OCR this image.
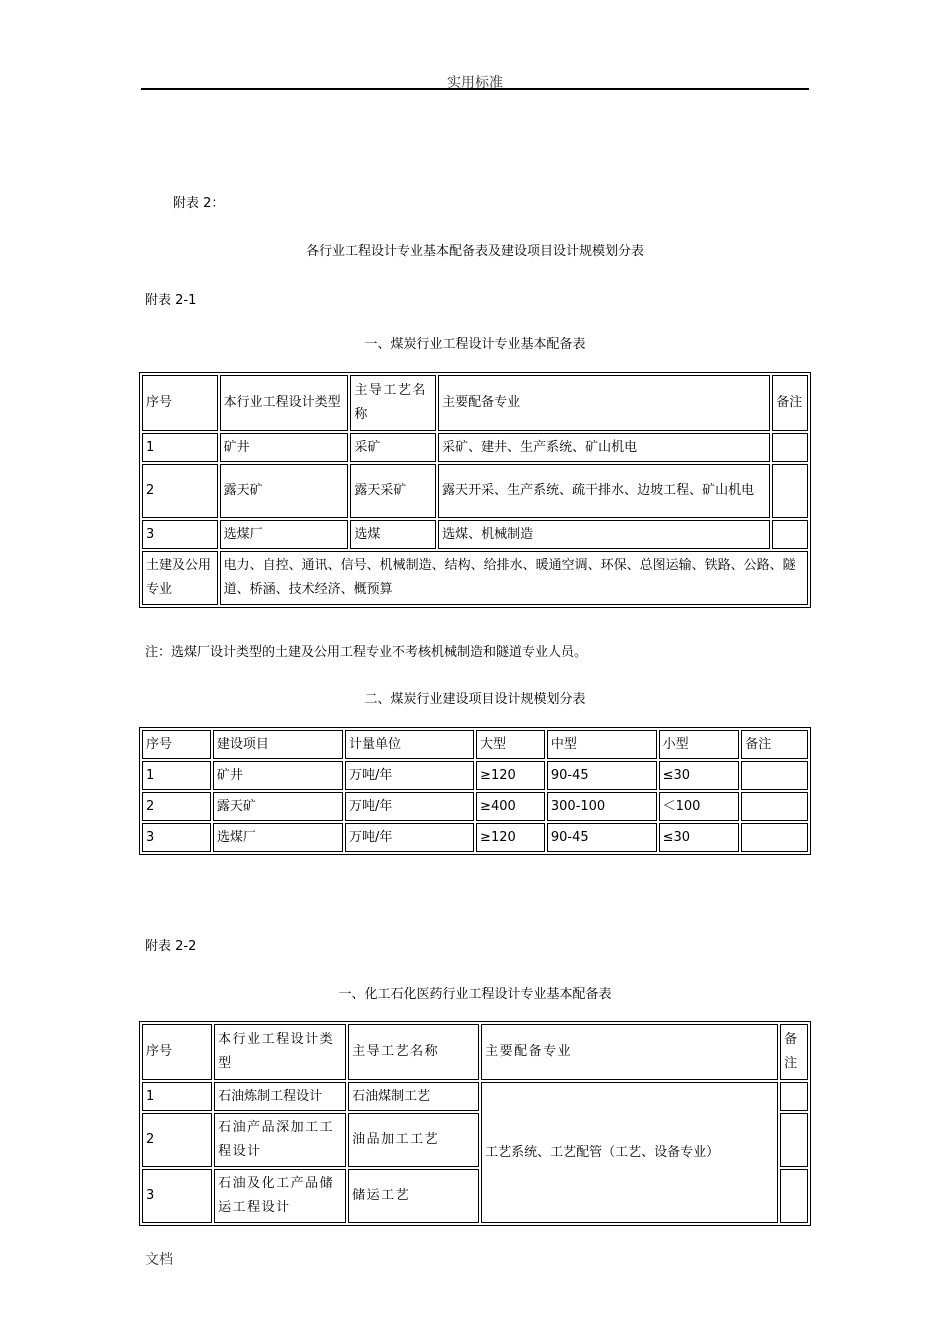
实用标准
附表 2：
各行业工程设计专业基本配备表及建设项目设计规模划分表
附表 2-1
一、煤炭行业工程设计专业基本配备表
序号	本行业工程设计类型	主导工艺名称	主要配备专业	备注
1	矿井	采矿	采矿、建井、生产系统、矿山机电	
2	露天矿	露天采矿	露天开采、生产系统、疏干排水、边坡工程、矿山机电	
3	选煤厂	选煤	选煤、机械制造	
土建及公用专业	电力、自控、通讯、信号、机械制造、结构、给排水、暖通空调、环保、总图运输、铁路、公路、隧道、桥涵、技术经济、概预算			
注：选煤厂设计类型的土建及公用工程专业不考核机械制造和隧道专业人员。
二、煤炭行业建设项目设计规模划分表
序号	建设项目	计量单位	大型	中型	小型	备注
1	矿井	万吨/年	≥120	90-45	≤30	
2	露天矿	万吨/年	≥400	300-100	＜100	
3	选煤厂	万吨/年	≥120	90-45	≤30	
附表 2-2
一、化工石化医药行业工程设计专业基本配备表
序号	本行业工程设计类型	主导工艺名称	主要配备专业	备注
1	石油炼制工程设计	石油煤制工艺	工艺系统、工艺配管（工艺、设备专业）	
2	石油产品深加工工程设计	油品加工工艺		
3	石油及化工产品储运工程设计	储运工艺		
文档
